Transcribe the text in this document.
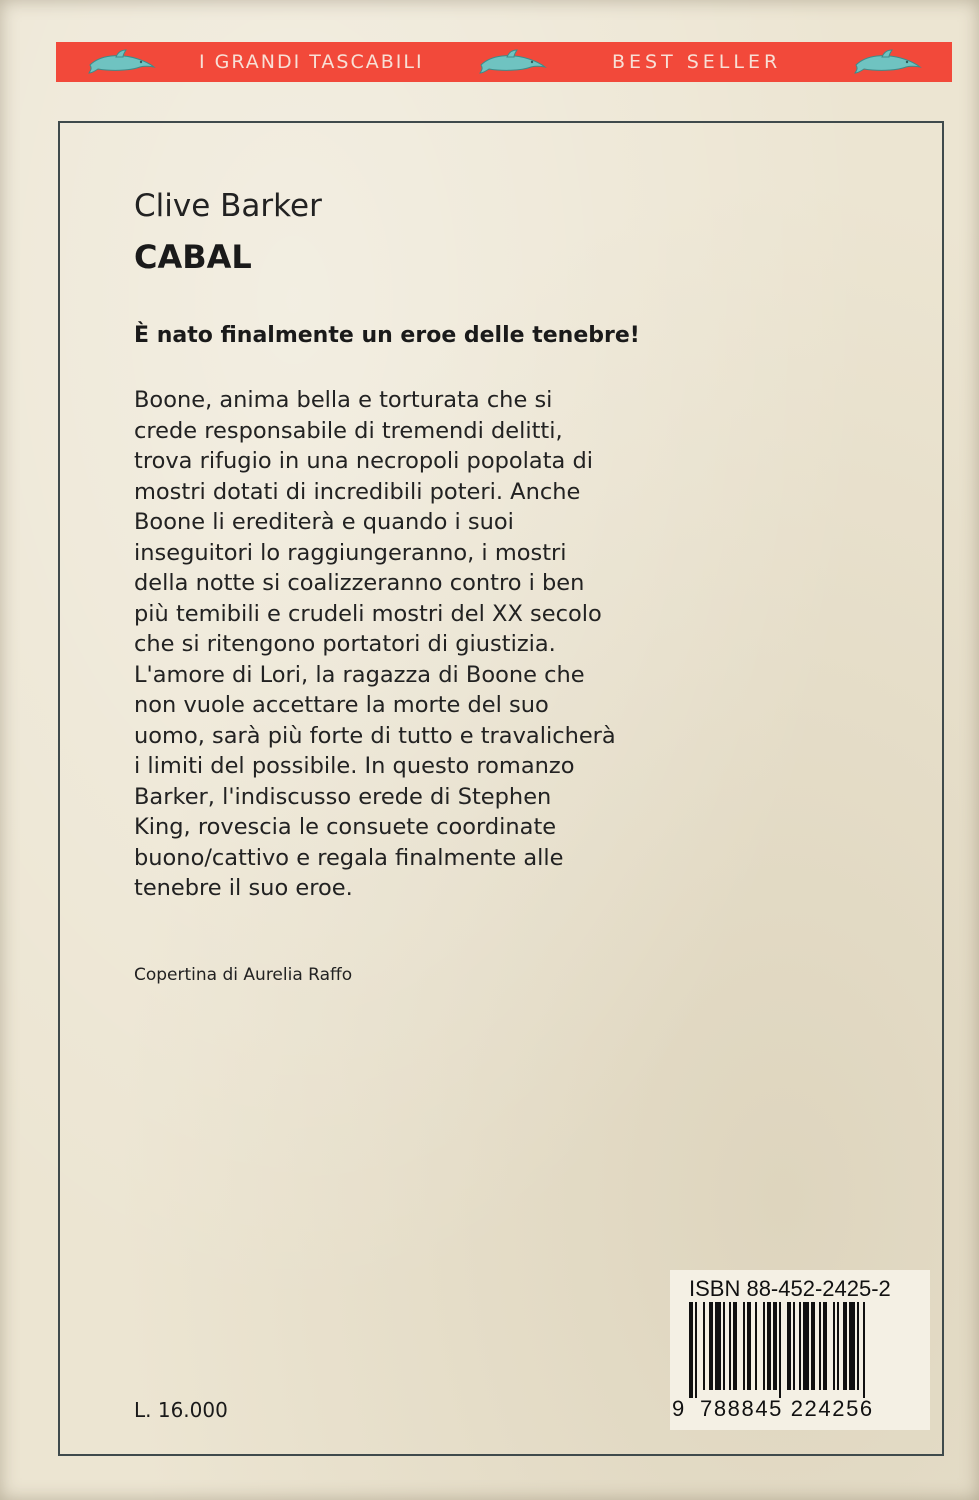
I GRANDI TASCABILI	BEST SELLER
Clive Barker
CABAL
È nato finalmente un eroe delle tenebre!
Boone, anima bella e torturata che si
crede responsabile di tremendi delitti,
trova rifugio in una necropoli popolata di
mostri dotati di incredibili poteri. Anche
Boone li erediterà e quando i suoi
inseguitori lo raggiungeranno, i mostri
della notte si coalizzeranno contro i ben
più temibili e crudeli mostri del XX secolo
che si ritengono portatori di giustizia.
L'amore di Lori, la ragazza di Boone che
non vuole accettare la morte del suo
uomo, sarà più forte di tutto e travalicherà
i limiti del possibile. In questo romanzo
Barker, l'indiscusso erede di Stephen
King, rovescia le consuete coordinate
buono/cattivo e regala finalmente alle
tenebre il suo eroe.
Copertina di Aurelia Raffo
L. 16.000
ISBN 88-452-2425-2
9 788845 224256
